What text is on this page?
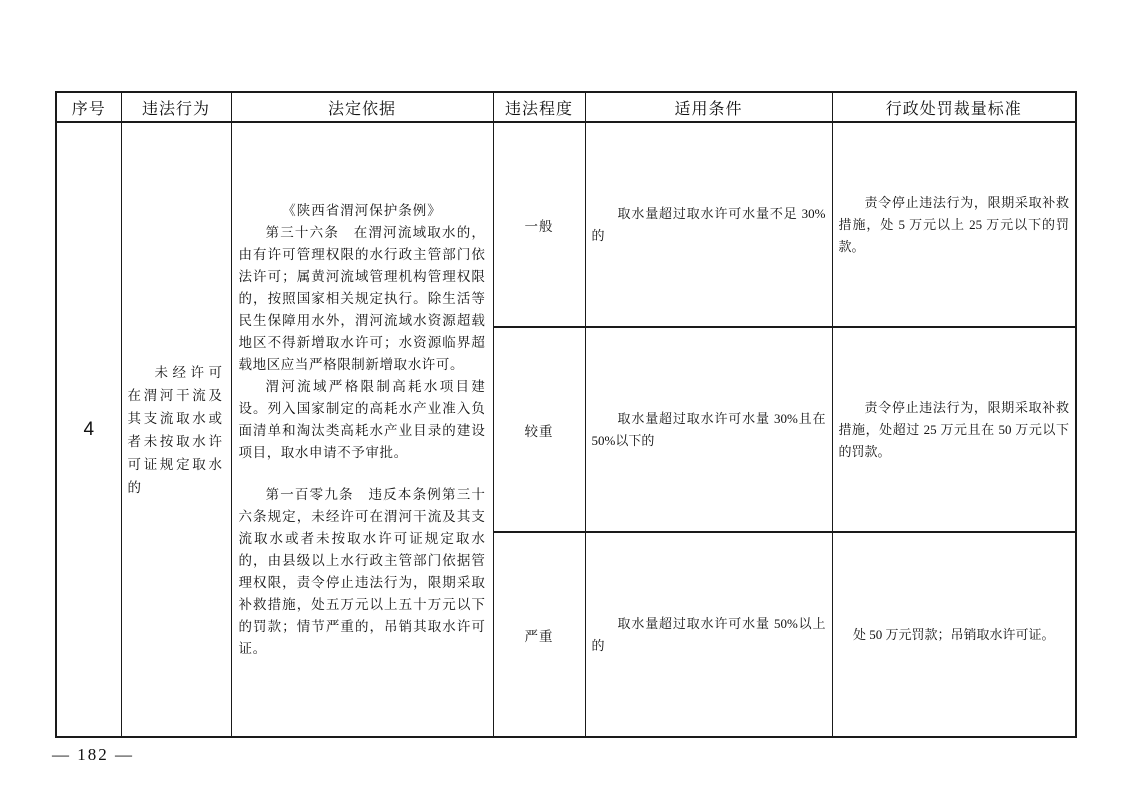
序号	违法行为	法定依据	违法程度	适用条件	行政处罚裁量标准
4	未经许可在渭河干流及其支流取水或者未按取水许可证规定取水的	《陕西省渭河保护条例》
第三十六条　在渭河流域取水的，由有许可管理权限的水行政主管部门依法许可；属黄河流域管理机构管理权限的，按照国家相关规定执行。除生活等民生保障用水外，渭河流域水资源超载地区不得新增取水许可；水资源临界超载地区应当严格限制新增取水许可。
渭河流域严格限制高耗水项目建设。列入国家制定的高耗水产业准入负面清单和淘汰类高耗水产业目录的建设项目，取水申请不予审批。
第一百零九条　违反本条例第三十六条规定，未经许可在渭河干流及其支流取水或者未按取水许可证规定取水的，由县级以上水行政主管部门依据管理权限，责令停止违法行为，限期采取补救措施，处五万元以上五十万元以下的罚款；情节严重的，吊销其取水许可证。	一般	取水量超过取水许可水量不足 30%的	责令停止违法行为，限期采取补救措施，处 5 万元以上 25 万元以下的罚款。

			较重	取水量超过取水许可水量 30%且在50%以下的	责令停止违法行为，限期采取补救措施，处超过 25 万元且在 50 万元以下的罚款。

			严重	取水量超过取水许可水量 50%以上的	处 50 万元罚款；吊销取水许可证。
— 182 —
